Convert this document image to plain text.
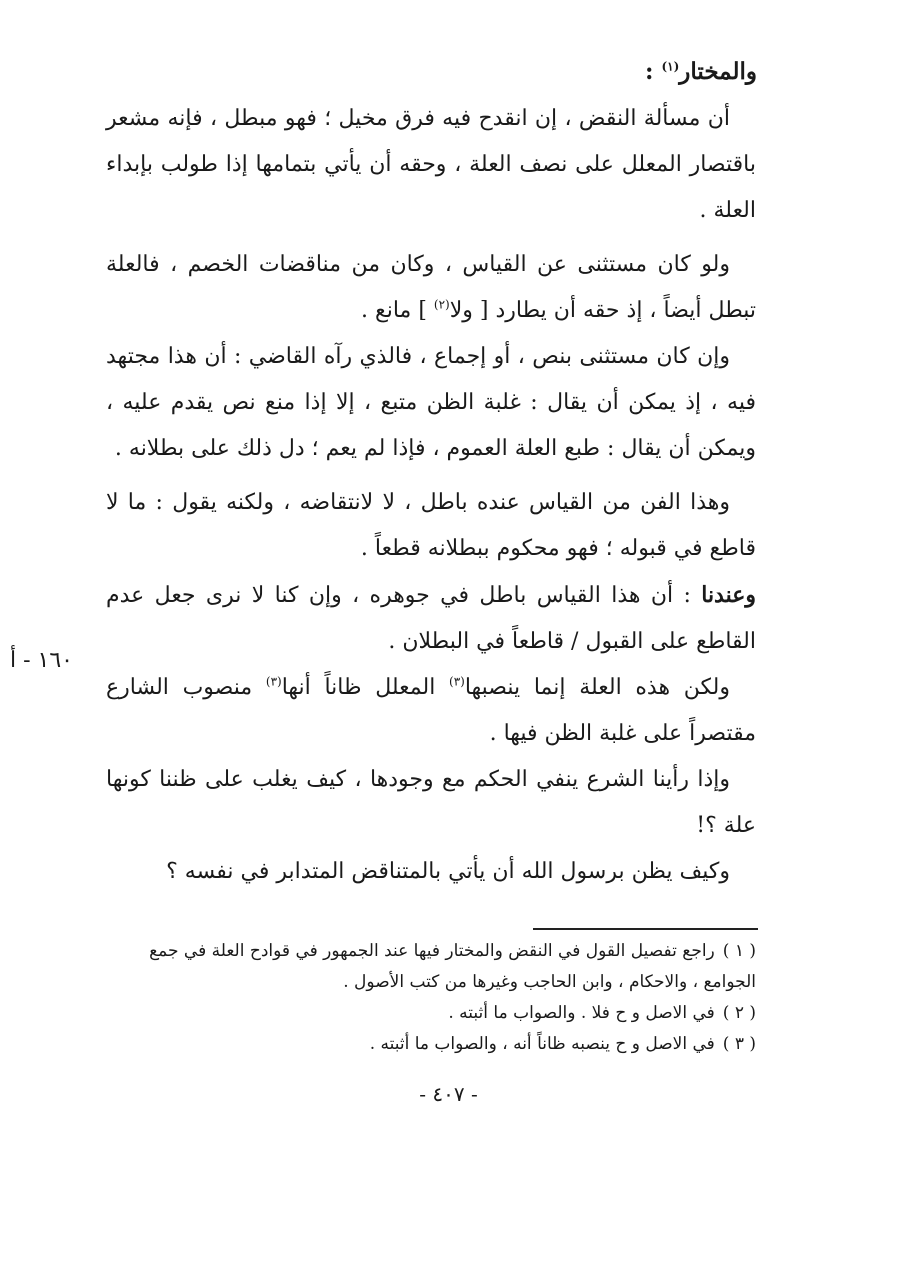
والمختار$^{(١)}$ :

أن مسألة النقض ، إن انقدح فيه فرق مخيل ؛ فهو مبطل ، فإنه مشعر باقتصار المعلل على نصف العلة ، وحقه أن يأتي بتمامها إذا طولب بإبداء العلة .

ولو كان مستثنى عن القياس ، وكان من مناقضات الخصم ، فالعلة تبطل أيضاً ، إذ حقه أن يطارد [ ولا$^{(٢)}$ ] مانع .

وإن كان مستثنى بنص ، أو إجماع ، فالذي رآه القاضي : أن هذا مجتهد فيه ، إذ يمكن أن يقال : غلبة الظن متبع ، إلا إذا منع نص يقدم عليه ، ويمكن أن يقال : طبع العلة العموم ، فإذا لم يعم ؛ دل ذلك على بطلانه .

وهذا الفن من القياس عنده باطل ، لا لانتقاضه ، ولكنه يقول : ما لا قاطع في قبوله ؛ فهو محكوم ببطلانه قطعاً .

وعندنا : أن هذا القياس باطل في جوهره ، وإن كنا لا نرى جعل عدم القاطع على القبول / قاطعاً في البطلان .

ولكن هذه العلة إنما ينصبها$^{(٣)}$ المعلل ظاناً أنها$^{(٣)}$ منصوب الشارع مقتصراً على غلبة الظن فيها .

وإذا رأينا الشرع ينفي الحكم مع وجودها ، كيف يغلب على ظننا كونها علة ؟!

وكيف يظن برسول الله أن يأتي بالمتناقض المتدابر في نفسه ؟

١٦٠ - أ

( ١ )راجع تفصيل القول في النقض والمختار فيها عند الجمهور في قوادح العلة في جمع الجوامع ، والاحكام ، وابن الحاجب وغيرها من كتب الأصول .

( ٢ )في الاصل و ح فلا . والصواب ما أثبته .

( ٣ )في الاصل و ح ينصبه ظاناً أنه ، والصواب ما أثبته .

- ٤٠٧ -
